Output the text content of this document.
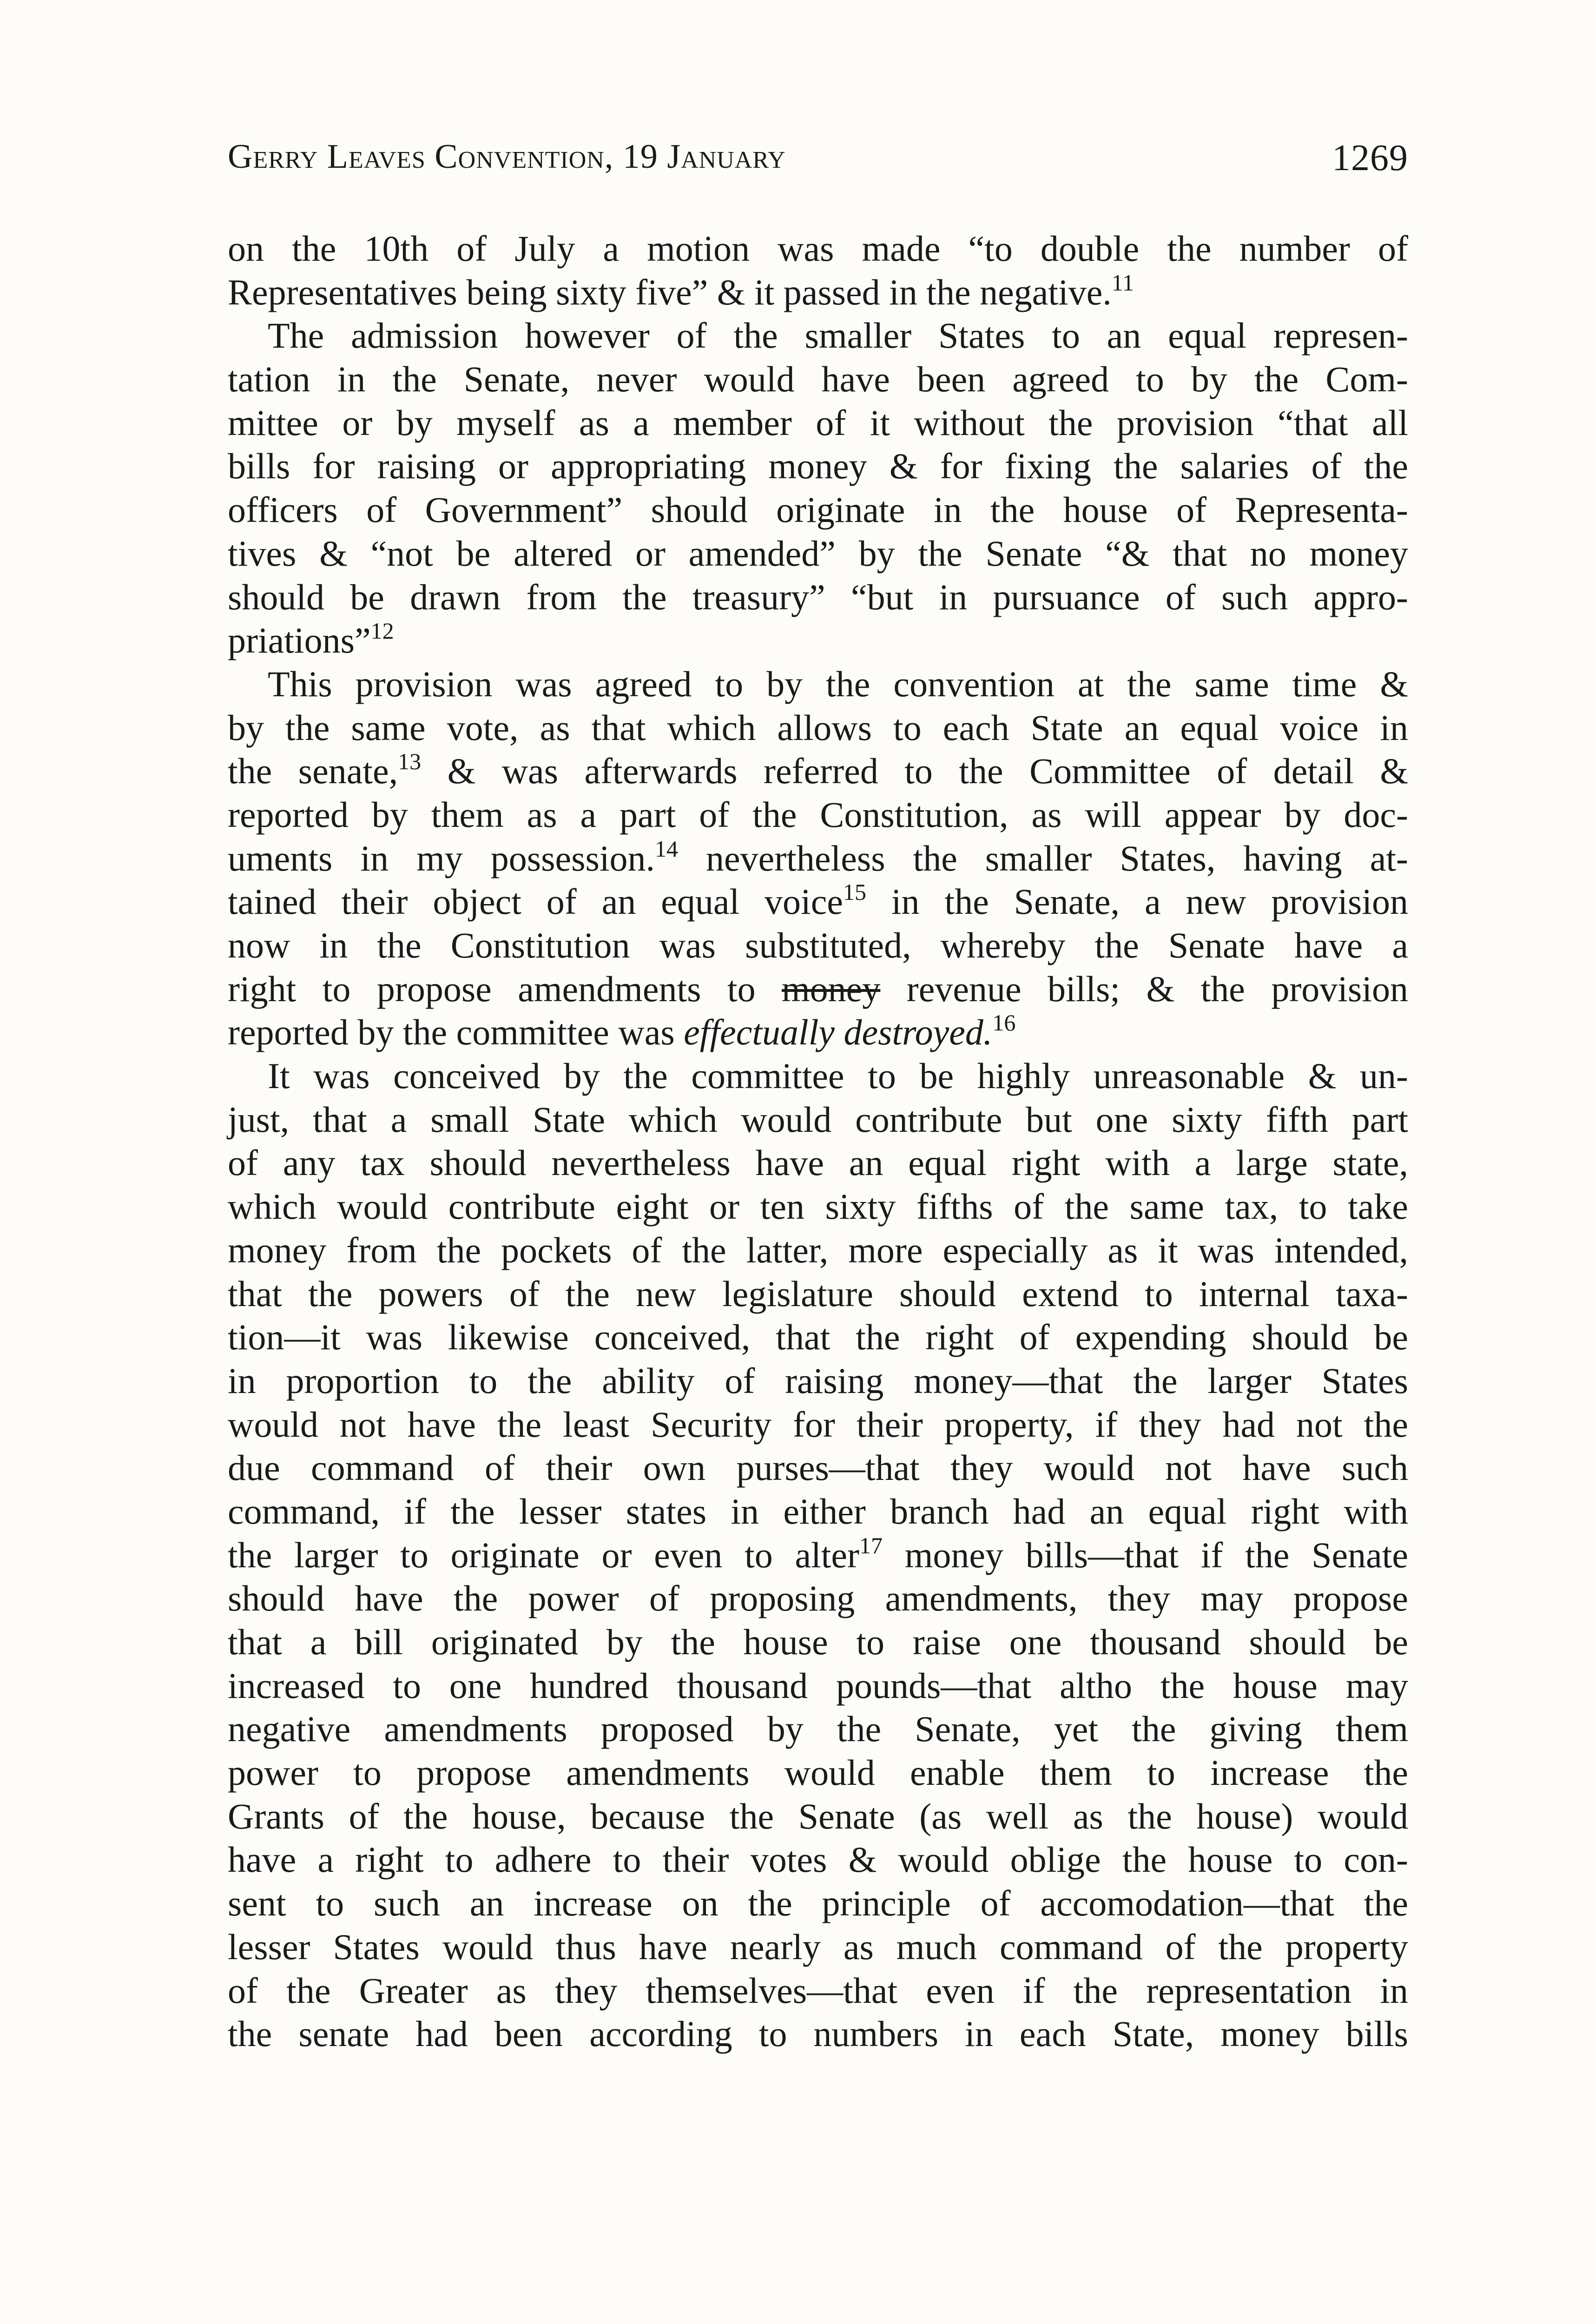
Gerry Leaves Convention, 19 January	1269
on the 10th of July a motion was made “to double the number of
Representatives being sixty five” & it passed in the negative.$^{11}$
The admission however of the smaller States to an equal represen-
tation in the Senate, never would have been agreed to by the Com-
mittee or by myself as a member of it without the provision “that all
bills for raising or appropriating money & for fixing the salaries of the
officers of Government” should originate in the house of Representa-
tives & “not be altered or amended” by the Senate “& that no money
should be drawn from the treasury” “but in pursuance of such appro-
priations”$^{12}$
This provision was agreed to by the convention at the same time &
by the same vote, as that which allows to each State an equal voice in
the senate,$^{13}$ & was afterwards referred to the Committee of detail &
reported by them as a part of the Constitution, as will appear by doc-
uments in my possession.$^{14}$ nevertheless the smaller States, having at-
tained their object of an equal voice$^{15}$ in the Senate, a new provision
now in the Constitution was substituted, whereby the Senate have a
right to propose amendments to money revenue bills; & the provision
reported by the committee was effectually destroyed.$^{16}$
It was conceived by the committee to be highly unreasonable & un-
just, that a small State which would contribute but one sixty fifth part
of any tax should nevertheless have an equal right with a large state,
which would contribute eight or ten sixty fifths of the same tax, to take
money from the pockets of the latter, more especially as it was intended,
that the powers of the new legislature should extend to internal taxa-
tion—it was likewise conceived, that the right of expending should be
in proportion to the ability of raising money—that the larger States
would not have the least Security for their property, if they had not the
due command of their own purses—that they would not have such
command, if the lesser states in either branch had an equal right with
the larger to originate or even to alter$^{17}$ money bills—that if the Senate
should have the power of proposing amendments, they may propose
that a bill originated by the house to raise one thousand should be
increased to one hundred thousand pounds—that altho the house may
negative amendments proposed by the Senate, yet the giving them
power to propose amendments would enable them to increase the
Grants of the house, because the Senate (as well as the house) would
have a right to adhere to their votes & would oblige the house to con-
sent to such an increase on the principle of accomodation—that the
lesser States would thus have nearly as much command of the property
of the Greater as they themselves—that even if the representation in
the senate had been according to numbers in each State, money bills
